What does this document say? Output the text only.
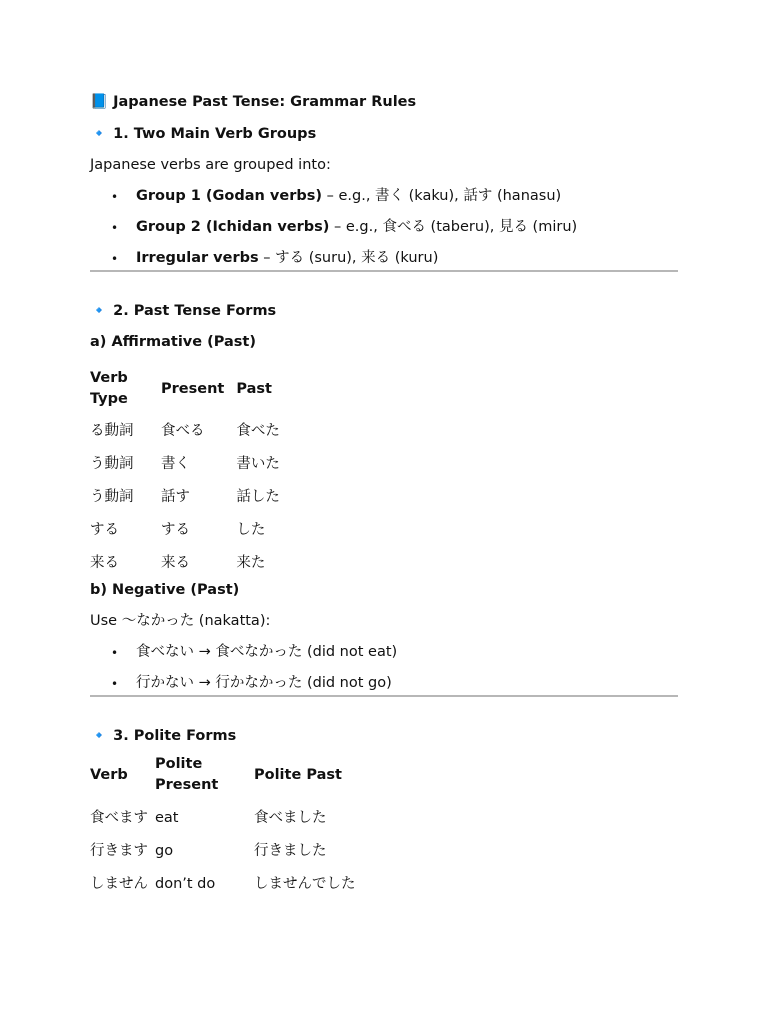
📘 Japanese Past Tense: Grammar Rules
🔹 1. Two Main Verb Groups
Japanese verbs are grouped into:
• Group 1 (Godan verbs) – e.g., 書く (kaku), 話す (hanasu)
• Group 2 (Ichidan verbs) – e.g., 食べる (taberu), 見る (miru)
• Irregular verbs – する (suru), 来る (kuru)
🔹 2. Past Tense Forms
a) Affirmative (Past)
Verb Type	Present	Past
る動詞	食べる	食べた
う動詞	書く	書いた
う動詞	話す	話した
する	する	した
来る	来る	来た
b) Negative (Past)
Use ～なかった (nakatta):
• 食べない → 食べなかった (did not eat)
• 行かない → 行かなかった (did not go)
🔹 3. Polite Forms
Verb	Polite Present	Polite Past
食べます	eat	食べました
行きます	go	行きました
しません	don’t do	しませんでした
